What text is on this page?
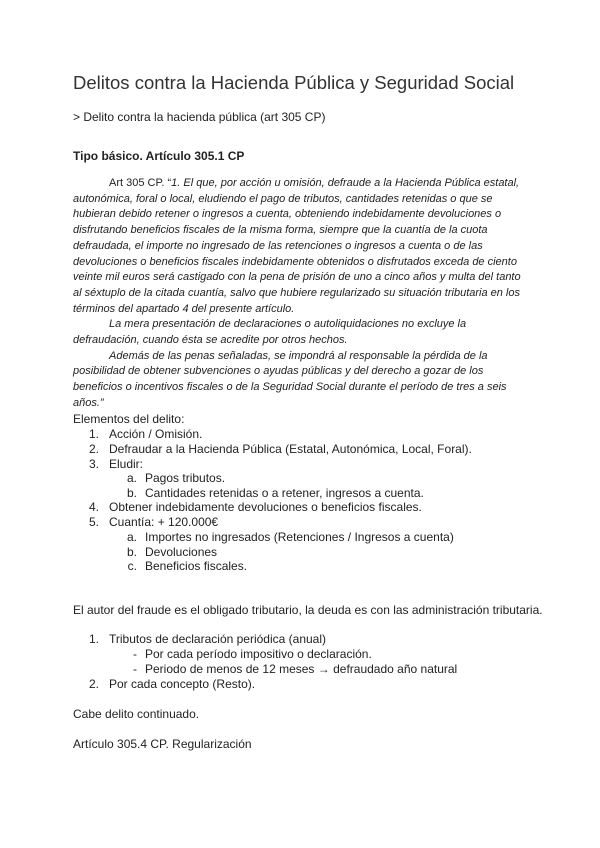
Delitos contra la Hacienda Pública y Seguridad Social
> Delito contra la hacienda pública (art 305 CP)
Tipo básico. Artículo 305.1 CP

Art 305 CP. “1. El que, por acción u omisión, defraude a la Hacienda Pública estatal,

autonómica, foral o local, eludiendo el pago de tributos, cantidades retenidas o que se

hubieran debido retener o ingresos a cuenta, obteniendo indebidamente devoluciones o

disfrutando beneficios fiscales de la misma forma, siempre que la cuantía de la cuota

defraudada, el importe no ingresado de las retenciones o ingresos a cuenta o de las

devoluciones o beneficios fiscales indebidamente obtenidos o disfrutados exceda de ciento

veinte mil euros será castigado con la pena de prisión de uno a cinco años y multa del tanto

al séxtuplo de la citada cuantía, salvo que hubiere regularizado su situación tributaria en los

términos del apartado 4 del presente artículo.

La mera presentación de declaraciones o autoliquidaciones no excluye la

defraudación, cuando ésta se acredite por otros hechos.

Además de las penas señaladas, se impondrá al responsable la pérdida de la

posibilidad de obtener subvenciones o ayudas públicas y del derecho a gozar de los

beneficios o incentivos fiscales o de la Seguridad Social durante el período de tres a seis

años.”

Elementos del delito:
1. Acción / Omisión.
2. Defraudar a la Hacienda Pública (Estatal, Autonómica, Local, Foral).
3. Eludir:
a. Pagos tributos.
b. Cantidades retenidas o a retener, ingresos a cuenta.
4. Obtener indebidamente devoluciones o beneficios fiscales.
5. Cuantía: + 120.000€
a. Importes no ingresados (Retenciones / Ingresos a cuenta)
b. Devoluciones
c. Beneficios fiscales.
El autor del fraude es el obligado tributario, la deuda es con las administración tributaria.
1. Tributos de declaración periódica (anual)
- Por cada período impositivo o declaración.
- Periodo de menos de 12 meses → defraudado año natural
2. Por cada concepto (Resto).
Cabe delito continuado.
Artículo 305.4 CP. Regularización
